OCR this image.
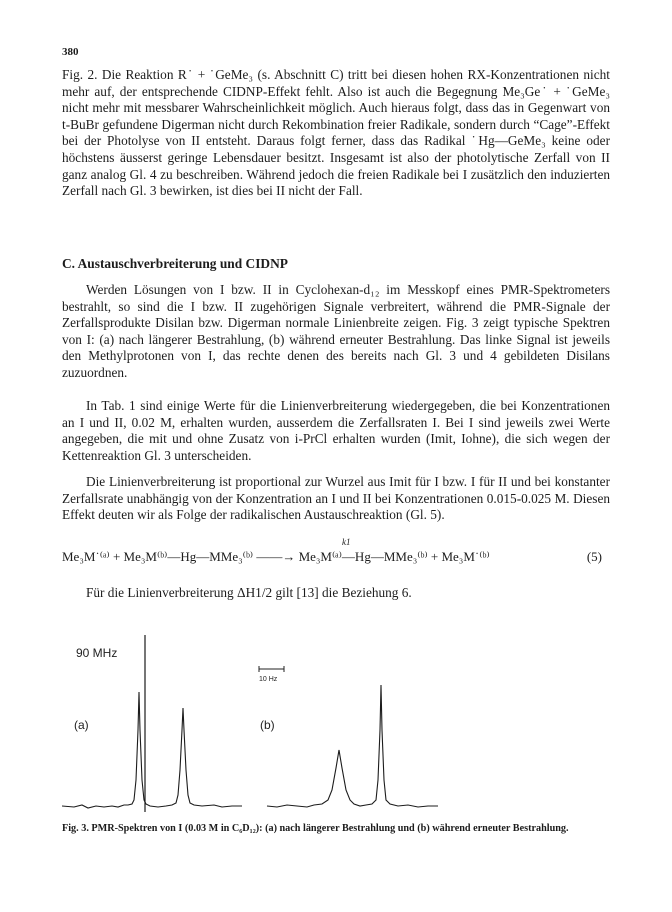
380

Fig. 2. Die Reaktion R˙ + ˙GeMe₃ (s. Abschnitt C) tritt bei diesen hohen RX-Konzentrationen nicht mehr auf, der entsprechende CIDNP-Effekt fehlt. Also ist auch die Begegnung Me₃Ge˙ + ˙GeMe₃ nicht mehr mit messbarer Wahrscheinlichkeit möglich. Auch hieraus folgt, dass das in Gegenwart von t-BuBr gefundene Digerman nicht durch Rekombination freier Radikale, sondern durch “Cage”-Effekt bei der Photolyse von II entsteht. Daraus folgt ferner, dass das Radikal ˙Hg—GeMe₃ keine oder höchstens äusserst geringe Lebensdauer besitzt. Insgesamt ist also der photolytische Zerfall von II ganz analog Gl. 4 zu beschreiben. Während jedoch die freien Radikale bei I zusätzlich den induzierten Zerfall nach Gl. 3 bewirken, ist dies bei II nicht der Fall.

C. Austauschverbreiterung und CIDNP

Werden Lösungen von I bzw. II in Cyclohexan-d₁₂ im Messkopf eines PMR-Spektrometers bestrahlt, so sind die I bzw. II zugehörigen Signale verbreitert, während die PMR-Signale der Zerfallsprodukte Disilan bzw. Digerman normale Linienbreite zeigen. Fig. 3 zeigt typische Spektren von I: (a) nach längerer Bestrahlung, (b) während erneuter Bestrahlung. Das linke Signal ist jeweils den Methylprotonen von I, das rechte denen des bereits nach Gl. 3 und 4 gebildeten Disilans zuzuordnen.

In Tab. 1 sind einige Werte für die Linienverbreiterung wiedergegeben, die bei Konzentrationen an I und II, 0.02 M, erhalten wurden, ausserdem die Zerfallsraten I. Bei I sind jeweils zwei Werte angegeben, die mit und ohne Zusatz von i-PrCl erhalten wurden (Imit, Iohne), die sich wegen der Kettenreaktion Gl. 3 unterscheiden.

Die Linienverbreiterung ist proportional zur Wurzel aus Imit für I bzw. I für II und bei konstanter Zerfallsrate unabhängig von der Konzentration an I und II bei Konzentrationen 0.015-0.025 M. Diesen Effekt deuten wir als Folge der radikalischen Austauschreaktion (Gl. 5).

k1
Me₃M˙⁽ᵃ⁾ + Me₃M⁽ᵇ⁾—Hg—MMe₃⁽ᵇ⁾ ——→ Me₃M⁽ᵃ⁾—Hg—MMe₃⁽ᵇ⁾ + Me₃M˙⁽ᵇ⁾	(5)

Für die Linienverbreiterung ΔH1/2 gilt [13] die Beziehung 6.

90 MHz
(a)	(b)
10 Hz
Fig. 3. PMR-Spektren von I (0.03 M in C₆D₁₂): (a) nach längerer Bestrahlung und (b) während erneuter Bestrahlung.
